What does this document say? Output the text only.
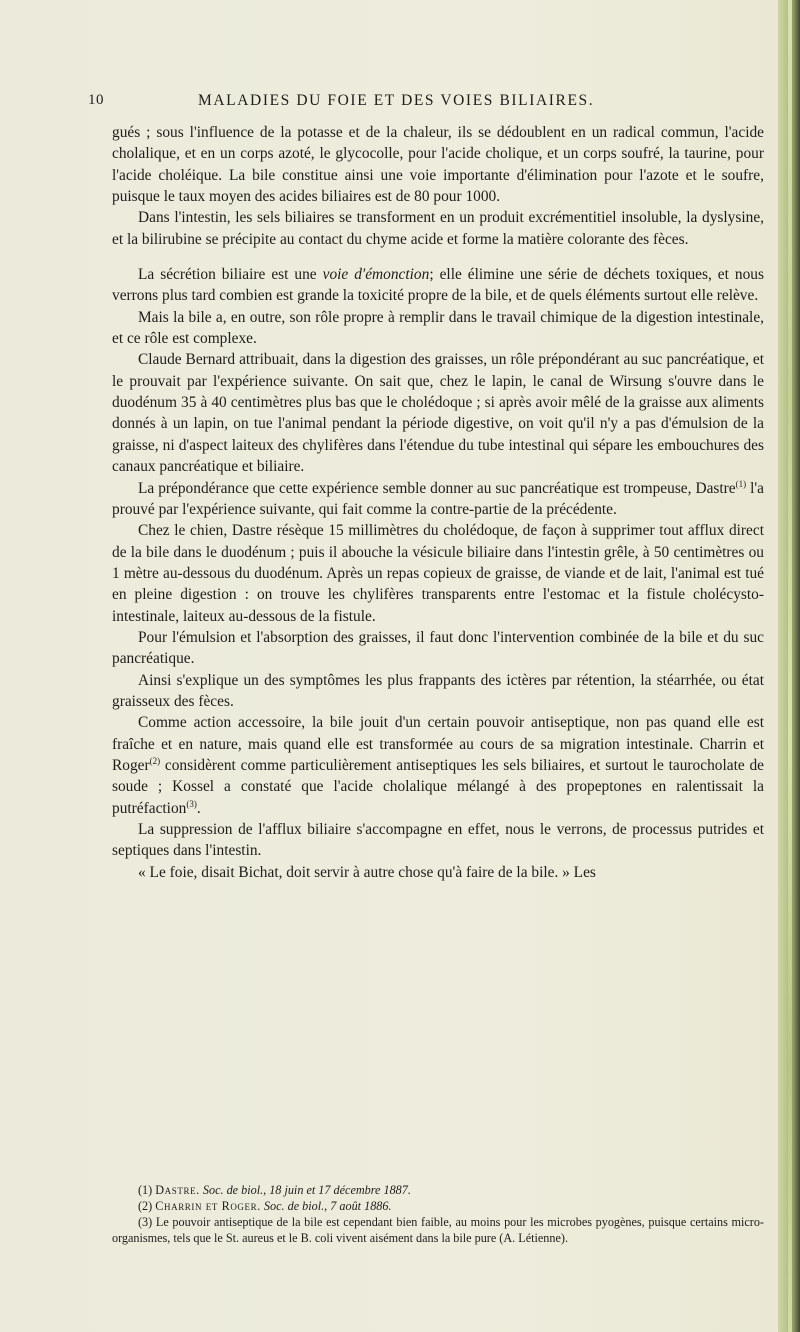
10	MALADIES DU FOIE ET DES VOIES BILIAIRES.

gués ; sous l'influence de la potasse et de la chaleur, ils se dédoublent en un radical commun, l'acide cholalique, et en un corps azoté, le glycocolle, pour l'acide cholique, et un corps soufré, la taurine, pour l'acide choléique. La bile constitue ainsi une voie importante d'élimination pour l'azote et le soufre, puisque le taux moyen des acides biliaires est de 80 pour 1000.

Dans l'intestin, les sels biliaires se transforment en un produit excrémentitiel insoluble, la dyslysine, et la bilirubine se précipite au contact du chyme acide et forme la matière colorante des fèces.

La sécrétion biliaire est une voie d'émonction; elle élimine une série de déchets toxiques, et nous verrons plus tard combien est grande la toxicité propre de la bile, et de quels éléments surtout elle relève.

Mais la bile a, en outre, son rôle propre à remplir dans le travail chimique de la digestion intestinale, et ce rôle est complexe.

Claude Bernard attribuait, dans la digestion des graisses, un rôle prépondérant au suc pancréatique, et le prouvait par l'expérience suivante. On sait que, chez le lapin, le canal de Wirsung s'ouvre dans le duodénum 35 à 40 centimètres plus bas que le cholédoque ; si après avoir mêlé de la graisse aux aliments donnés à un lapin, on tue l'animal pendant la période digestive, on voit qu'il n'y a pas d'émulsion de la graisse, ni d'aspect laiteux des chylifères dans l'étendue du tube intestinal qui sépare les embouchures des canaux pancréatique et biliaire.

La prépondérance que cette expérience semble donner au suc pancréatique est trompeuse, Dastre$^{(1)}$ l'a prouvé par l'expérience suivante, qui fait comme la contre-partie de la précédente.

Chez le chien, Dastre résèque 15 millimètres du cholédoque, de façon à supprimer tout afflux direct de la bile dans le duodénum ; puis il abouche la vésicule biliaire dans l'intestin grêle, à 50 centimètres ou 1 mètre au-dessous du duodénum. Après un repas copieux de graisse, de viande et de lait, l'animal est tué en pleine digestion : on trouve les chylifères transparents entre l'estomac et la fistule cholécysto-intestinale, laiteux au-dessous de la fistule.

Pour l'émulsion et l'absorption des graisses, il faut donc l'intervention combinée de la bile et du suc pancréatique.

Ainsi s'explique un des symptômes les plus frappants des ictères par rétention, la stéarrhée, ou état graisseux des fèces.

Comme action accessoire, la bile jouit d'un certain pouvoir antiseptique, non pas quand elle est fraîche et en nature, mais quand elle est transformée au cours de sa migration intestinale. Charrin et Roger$^{(2)}$ considèrent comme particulièrement antiseptiques les sels biliaires, et surtout le taurocholate de soude ; Kossel a constaté que l'acide cholalique mélangé à des propeptones en ralentissait la putréfaction$^{(3)}$.

La suppression de l'afflux biliaire s'accompagne en effet, nous le verrons, de processus putrides et septiques dans l'intestin.

« Le foie, disait Bichat, doit servir à autre chose qu'à faire de la bile. » Les

(1) Dastre. Soc. de biol., 18 juin et 17 décembre 1887.

(2) Charrin et Roger. Soc. de biol., 7 août 1886.

(3) Le pouvoir antiseptique de la bile est cependant bien faible, au moins pour les microbes pyogènes, puisque certains micro-organismes, tels que le St. aureus et le B. coli vivent aisément dans la bile pure (A. Létienne).
